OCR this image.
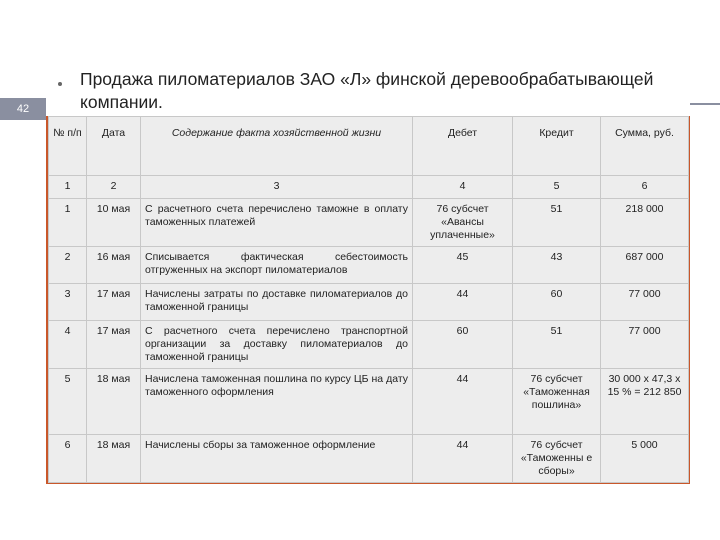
42
Продажа пиломатериалов ЗАО «Л» финской деревообрабатывающей компании.
№ п/п	Дата	Содержание факта хозяйственной жизни	Дебет	Кредит	Сумма, руб.
1	2	3	4	5	6
1	10 мая	С расчетного счета перечислено таможне в оплату таможенных платежей	76 субсчет «Авансы уплаченные»	51	218 000
2	16 мая	Списывается фактическая себестоимость отгруженных на экспорт пиломатериалов	45	43	687 000
3	17 мая	Начислены затраты по доставке пиломатериалов до таможенной границы	44	60	77 000
4	17 мая	С расчетного счета перечислено транспортной организации за доставку пиломатериалов до таможенной границы	60	51	77 000
5	18 мая	Начислена таможенная пошлина по курсу ЦБ на дату таможенного оформления	44	76 субсчет «Таможенная пошлина»	30 000 x 47,3 x 15 % = 212 850
6	18 мая	Начислены сборы за таможенное оформление	44	76 субсчет «Таможенны е сборы»	5 000
